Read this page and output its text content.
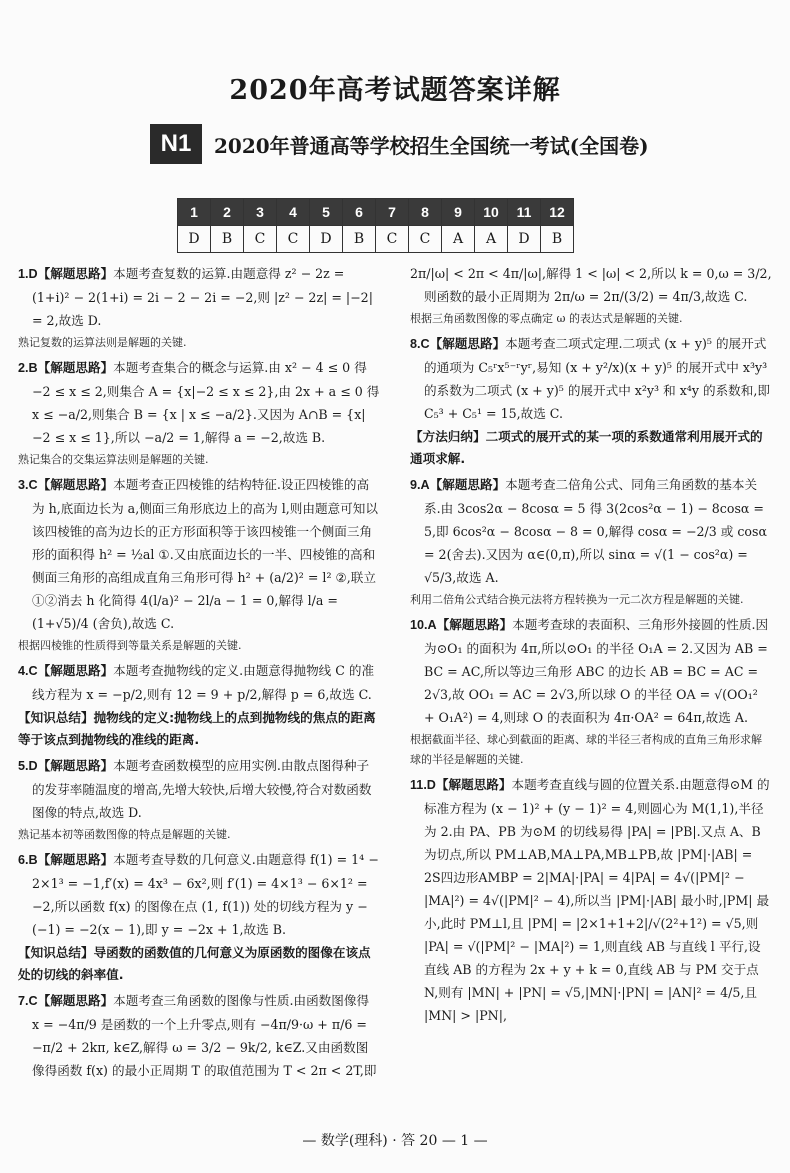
2020年高考试题答案详解
N1	2020年普通高等学校招生全国统一考试(全国卷)
1	2	3	4	5	6	7	8	9	10	11	12
D	B	C	C	D	B	C	C	A	A	D	B
1.D【解题思路】本题考查复数的运算.由题意得 z² − 2z = (1+i)² − 2(1+i) = 2i − 2 − 2i = −2,则 |z² − 2z| = |−2| = 2,故选 D.
熟记复数的运算法则是解题的关键.
2.B【解题思路】本题考查集合的概念与运算.由 x² − 4 ≤ 0 得 −2 ≤ x ≤ 2,则集合 A = {x|−2 ≤ x ≤ 2},由 2x + a ≤ 0 得 x ≤ −a/2,则集合 B = {x | x ≤ −a/2}.又因为 A∩B = {x|−2 ≤ x ≤ 1},所以 −a/2 = 1,解得 a = −2,故选 B.
熟记集合的交集运算法则是解题的关键.
3.C【解题思路】本题考查正四棱锥的结构特征.设正四棱锥的高为 h,底面边长为 a,侧面三角形底边上的高为 l,则由题意可知以该四棱锥的高为边长的正方形面积等于该四棱锥一个侧面三角形的面积得 h² = ½al ①.又由底面边长的一半、四棱锥的高和侧面三角形的高组成直角三角形可得 h² + (a/2)² = l² ②,联立①②消去 h 化简得 4(l/a)² − 2l/a − 1 = 0,解得 l/a = (1+√5)/4 (舍负),故选 C.
根据四棱锥的性质得到等量关系是解题的关键.
4.C【解题思路】本题考查抛物线的定义.由题意得抛物线 C 的准线方程为 x = −p/2,则有 12 = 9 + p/2,解得 p = 6,故选 C.
【知识总结】抛物线的定义:抛物线上的点到抛物线的焦点的距离等于该点到抛物线的准线的距离.
5.D【解题思路】本题考查函数模型的应用实例.由散点图得种子的发芽率随温度的增高,先增大较快,后增大较慢,符合对数函数图像的特点,故选 D.
熟记基本初等函数图像的特点是解题的关键.
6.B【解题思路】本题考查导数的几何意义.由题意得 f(1) = 1⁴ − 2×1³ = −1,f′(x) = 4x³ − 6x²,则 f′(1) = 4×1³ − 6×1² = −2,所以函数 f(x) 的图像在点 (1, f(1)) 处的切线方程为 y − (−1) = −2(x − 1),即 y = −2x + 1,故选 B.
【知识总结】导函数的函数值的几何意义为原函数的图像在该点处的切线的斜率值.
7.C【解题思路】本题考查三角函数的图像与性质.由函数图像得 x = −4π/9 是函数的一个上升零点,则有 −4π/9·ω + π/6 = −π/2 + 2kπ, k∈Z,解得 ω = 3/2 − 9k/2, k∈Z.又由函数图像得函数 f(x) 的最小正周期 T 的取值范围为 T < 2π < 2T,即
2π/|ω| < 2π < 4π/|ω|,解得 1 < |ω| < 2,所以 k = 0,ω = 3/2,则函数的最小正周期为 2π/ω = 2π/(3/2) = 4π/3,故选 C.
根据三角函数图像的零点确定 ω 的表达式是解题的关键.
8.C【解题思路】本题考查二项式定理.二项式 (x + y)⁵ 的展开式的通项为 C₅ʳx⁵⁻ʳyʳ,易知 (x + y²/x)(x + y)⁵ 的展开式中 x³y³ 的系数为二项式 (x + y)⁵ 的展开式中 x²y³ 和 x⁴y 的系数和,即 C₅³ + C₅¹ = 15,故选 C.
【方法归纳】二项式的展开式的某一项的系数通常利用展开式的通项求解.
9.A【解题思路】本题考查二倍角公式、同角三角函数的基本关系.由 3cos2α − 8cosα = 5 得 3(2cos²α − 1) − 8cosα = 5,即 6cos²α − 8cosα − 8 = 0,解得 cosα = −2/3 或 cosα = 2(舍去).又因为 α∈(0,π),所以 sinα = √(1 − cos²α) = √5/3,故选 A.
利用二倍角公式结合换元法将方程转换为一元二次方程是解题的关键.
10.A【解题思路】本题考查球的表面积、三角形外接圆的性质.因为⊙O₁ 的面积为 4π,所以⊙O₁ 的半径 O₁A = 2.又因为 AB = BC = AC,所以等边三角形 ABC 的边长 AB = BC = AC = 2√3,故 OO₁ = AC = 2√3,所以球 O 的半径 OA = √(OO₁² + O₁A²) = 4,则球 O 的表面积为 4π·OA² = 64π,故选 A.
根据截面半径、球心到截面的距离、球的半径三者构成的直角三角形求解球的半径是解题的关键.
11.D【解题思路】本题考查直线与圆的位置关系.由题意得⊙M 的标准方程为 (x − 1)² + (y − 1)² = 4,则圆心为 M(1,1),半径为 2.由 PA、PB 为⊙M 的切线易得 |PA| = |PB|.又点 A、B 为切点,所以 PM⊥AB,MA⊥PA,MB⊥PB,故 |PM|·|AB| = 2S四边形AMBP = 2|MA|·|PA| = 4|PA| = 4√(|PM|² − |MA|²) = 4√(|PM|² − 4),所以当 |PM|·|AB| 最小时,|PM| 最小,此时 PM⊥l,且 |PM| = |2×1+1+2|/√(2²+1²) = √5,则 |PA| = √(|PM|² − |MA|²) = 1,则直线 AB 与直线 l 平行,设直线 AB 的方程为 2x + y + k = 0,直线 AB 与 PM 交于点 N,则有 |MN| + |PN| = √5,|MN|·|PN| = |AN|² = 4/5,且 |MN| > |PN|,
— 数学(理科) · 答 20 — 1 —
